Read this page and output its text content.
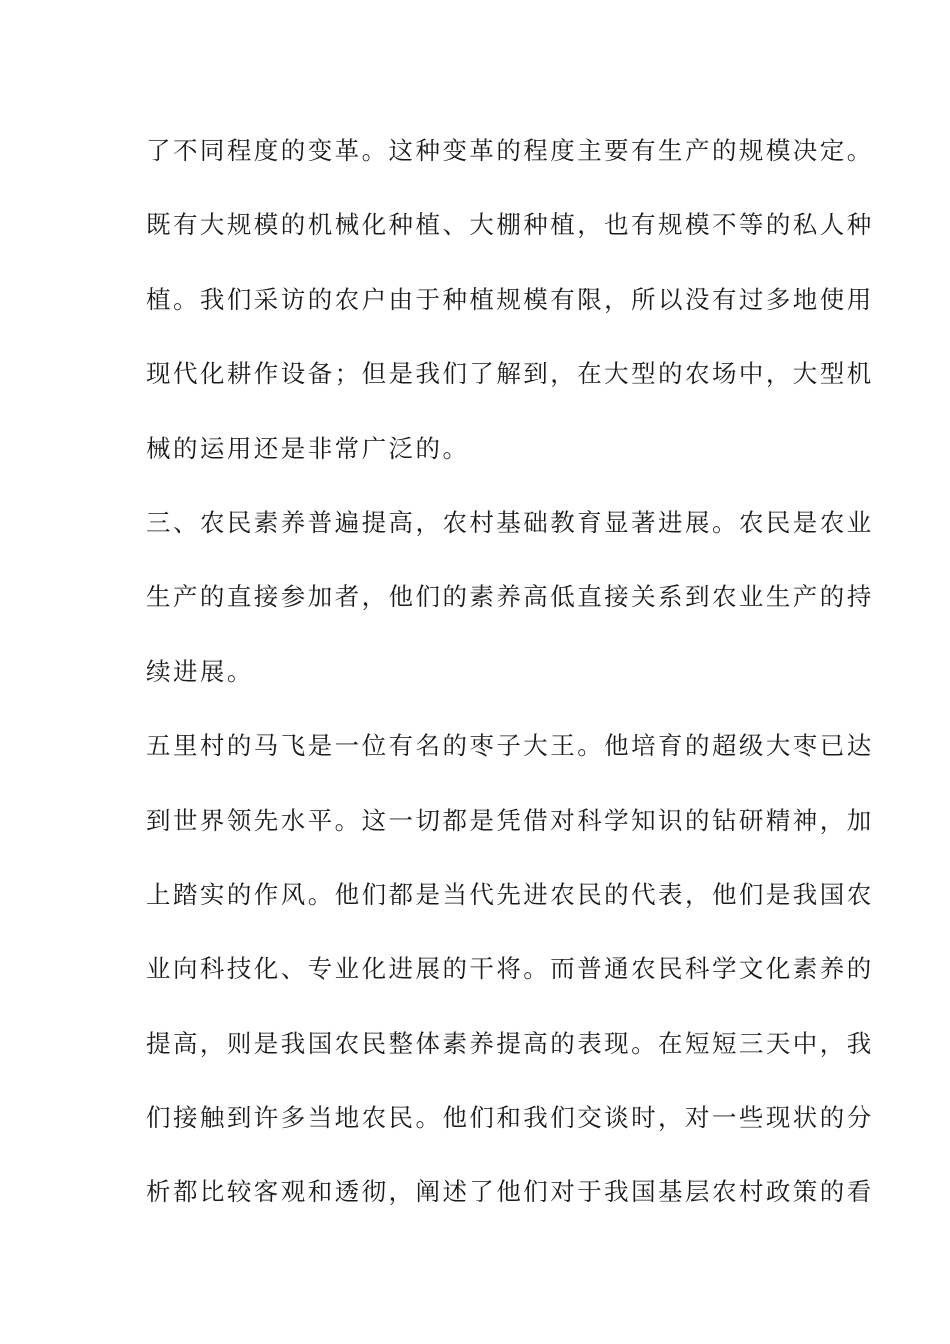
了不同程度的变革。这种变革的程度主要有生产的规模决定。
既有大规模的机械化种植、大棚种植，也有规模不等的私人种
植。我们采访的农户由于种植规模有限，所以没有过多地使用
现代化耕作设备；但是我们了解到，在大型的农场中，大型机
械的运用还是非常广泛的。
三、农民素养普遍提高，农村基础教育显著进展。农民是农业
生产的直接参加者，他们的素养高低直接关系到农业生产的持
续进展。
五里村的马飞是一位有名的枣子大王。他培育的超级大枣已达
到世界领先水平。这一切都是凭借对科学知识的钻研精神，加
上踏实的作风。他们都是当代先进农民的代表，他们是我国农
业向科技化、专业化进展的干将。而普通农民科学文化素养的
提高，则是我国农民整体素养提高的表现。在短短三天中，我
们接触到许多当地农民。他们和我们交谈时，对一些现状的分
析都比较客观和透彻，阐述了他们对于我国基层农村政策的看
